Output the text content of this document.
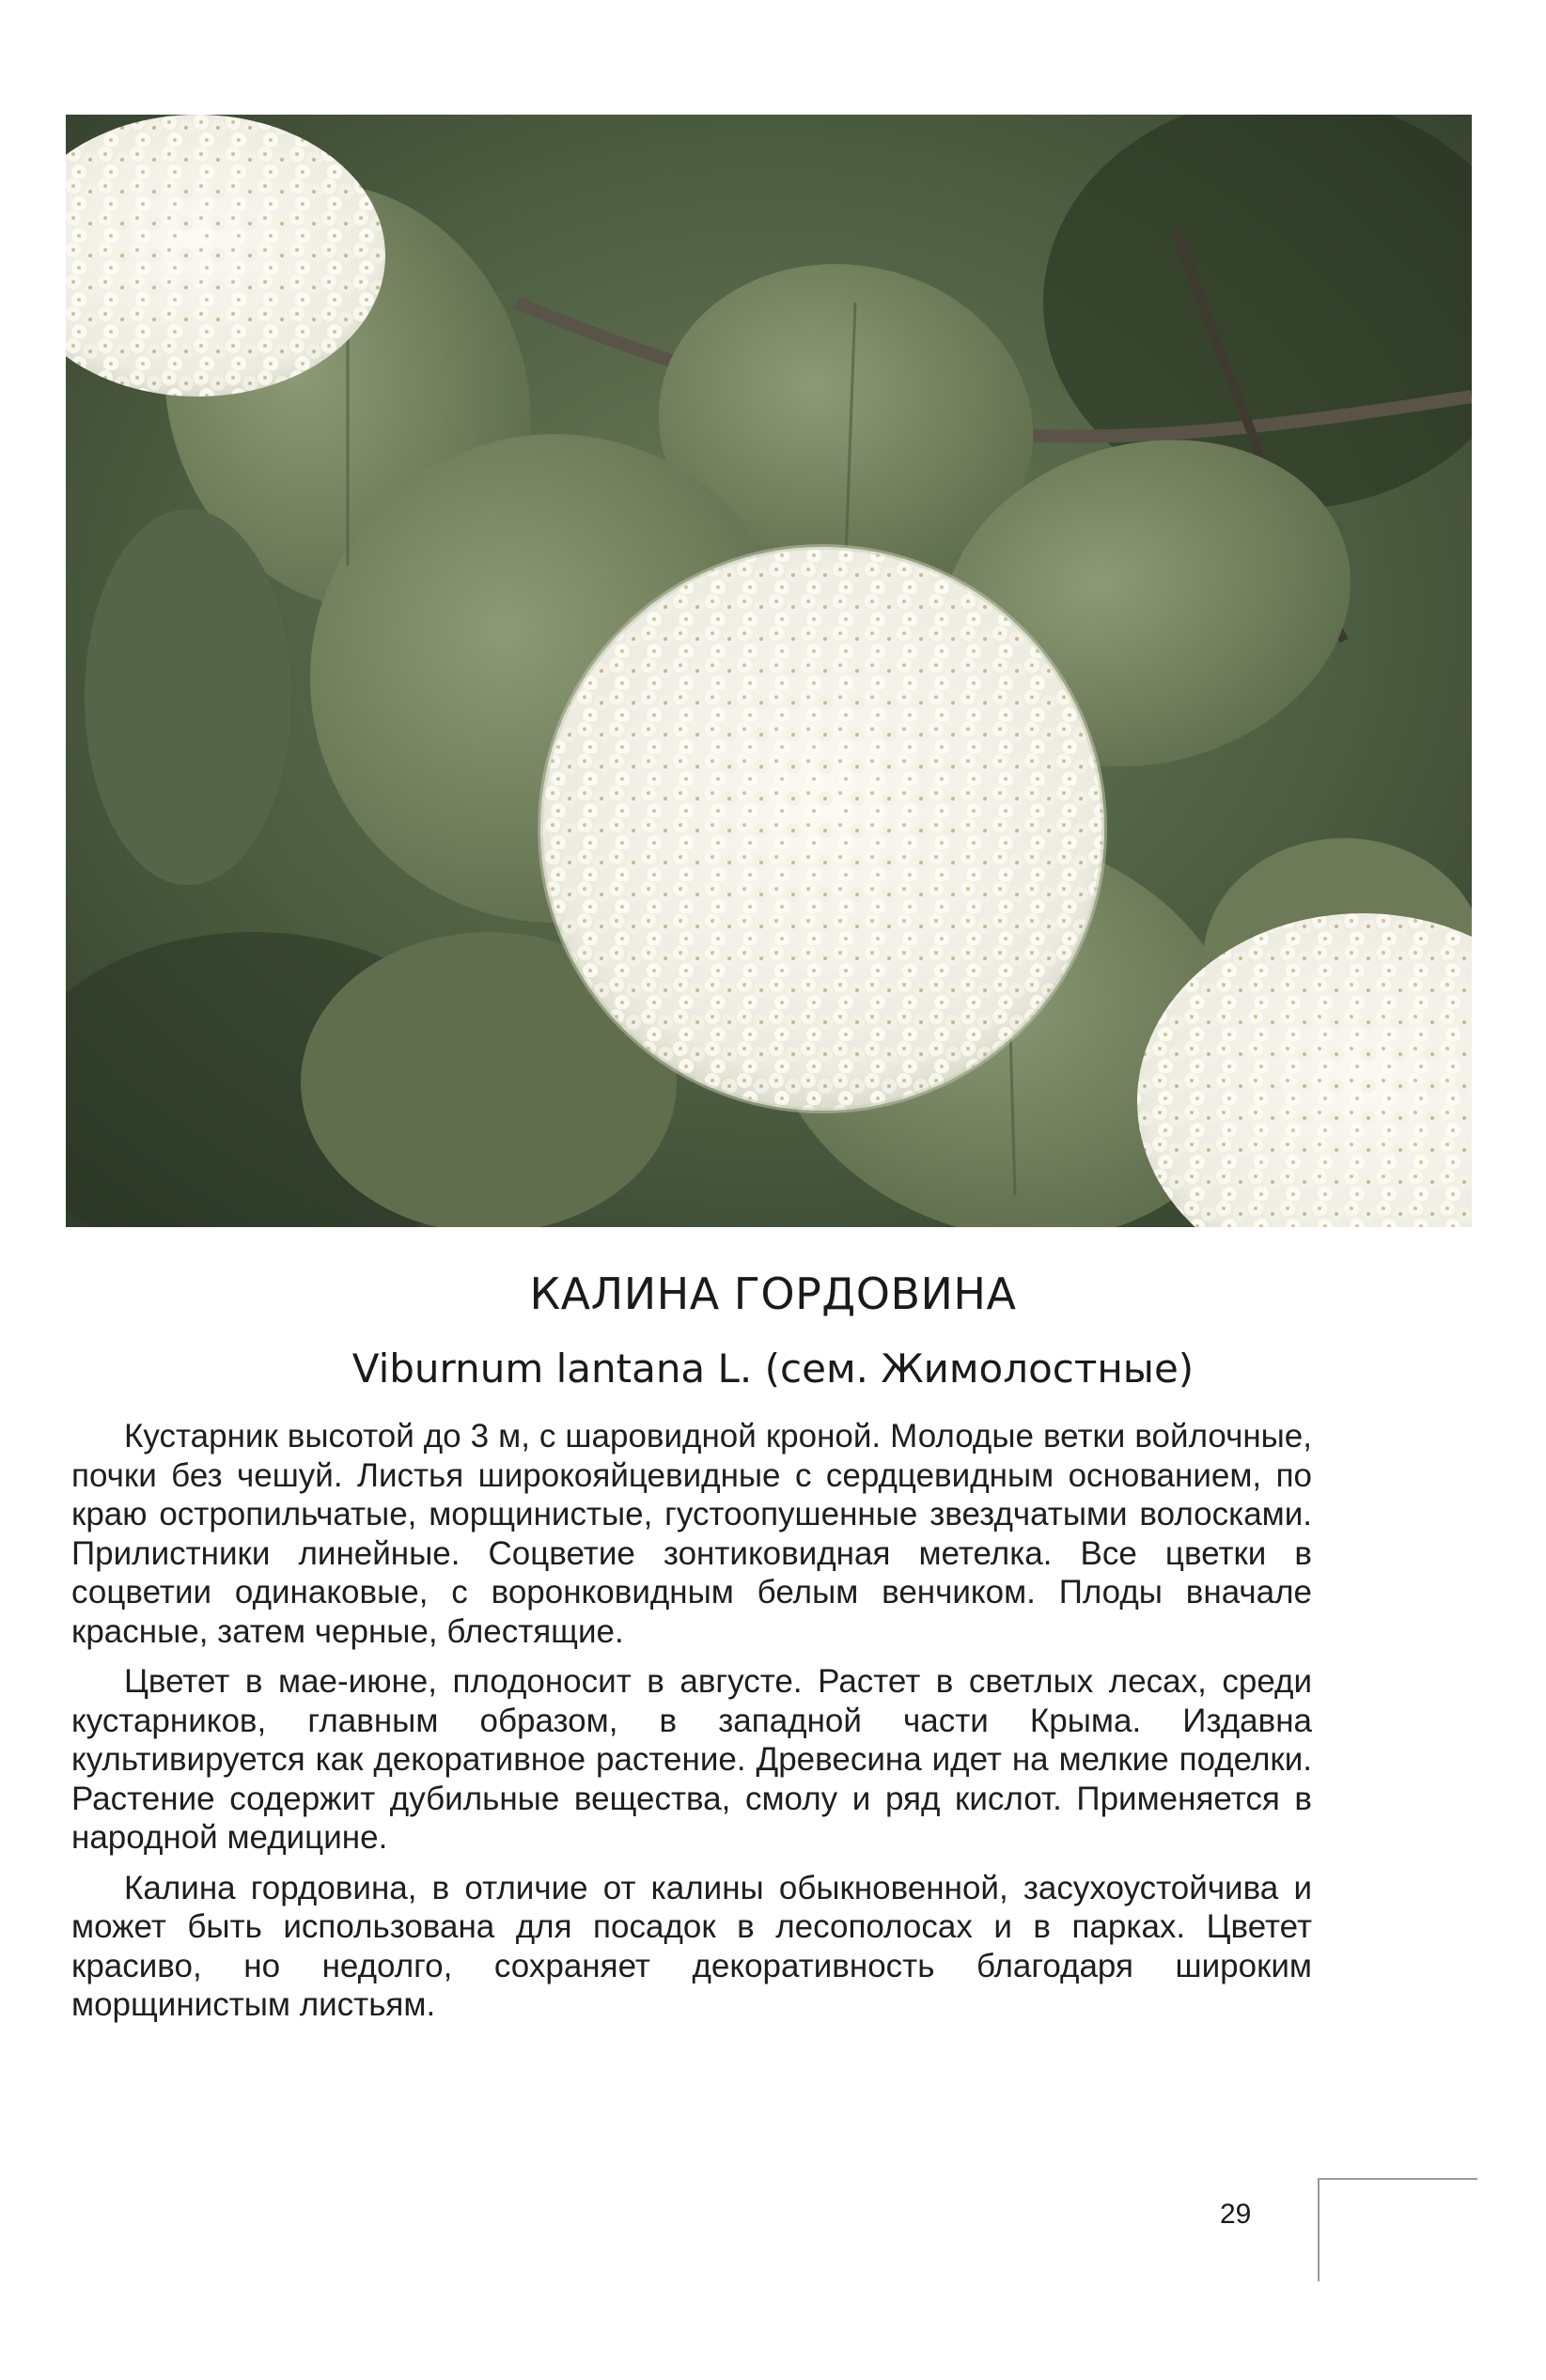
КАЛИНА ГОРДОВИНА
Viburnum lantana L. (сем. Жимолостные)

Кустарник высотой до 3 м, с шаровидной кроной. Молодые ветки войлочные, почки без чешуй. Листья широкояйцевидные с сердцевидным основанием, по краю остропильчатые, морщинистые, густоопушенные звездчатыми волосками. Прилистники линейные. Соцветие зонтиковидная метелка. Все цветки в соцветии одинаковые, с воронковидным белым венчиком. Плоды вначале красные, затем черные, блестящие.

Цветет в мае-июне, плодоносит в августе. Растет в светлых лесах, среди кустарников, главным образом, в западной части Крыма. Издавна культивируется как декоративное растение. Древесина идет на мелкие поделки. Растение содержит дубильные вещества, смолу и ряд кислот. Применяется в народной медицине.

Калина гордовина, в отличие от калины обыкновенной, засухоустойчива и может быть использована для посадок в лесополосах и в парках. Цветет красиво, но недолго, сохраняет декоративность благодаря широким морщинистым листьям.

29
